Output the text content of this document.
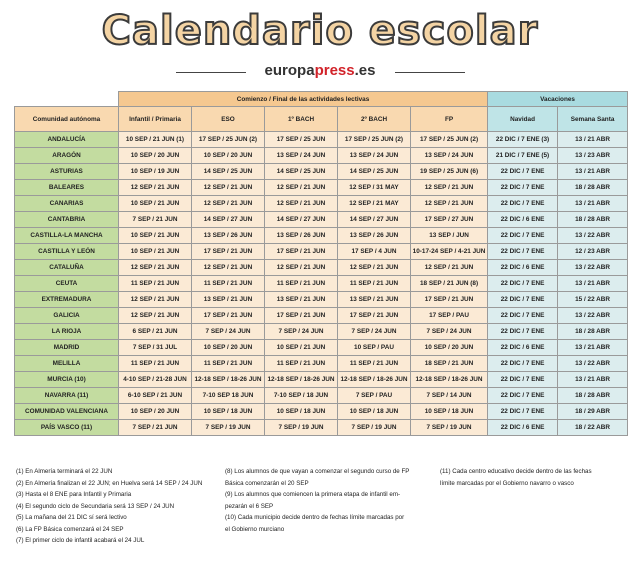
Calendario escolar
europapress.es
	Comienzo / Final de las actividades lectivas					Vacaciones	
Comunidad autónoma	Infantil / Primaria	ESO	1º BACH	2º BACH	FP	Navidad	Semana Santa
ANDALUCÍA	10 SEP / 21 JUN (1)	17 SEP / 25 JUN (2)	17 SEP / 25 JUN	17 SEP / 25 JUN (2)	17 SEP / 25 JUN (2)	22 DIC / 7 ENE (3)	13 / 21 ABR
ARAGÓN	10 SEP / 20 JUN	10 SEP / 20 JUN	13 SEP / 24 JUN	13 SEP / 24 JUN	13 SEP / 24 JUN	21 DIC / 7 ENE (5)	13 / 23 ABR
ASTURIAS	10 SEP / 19 JUN	14 SEP / 25 JUN	14 SEP / 25 JUN	14 SEP / 25 JUN	19 SEP / 25 JUN (6)	22 DIC / 7 ENE	13 / 21 ABR
BALEARES	12 SEP / 21 JUN	12 SEP / 21 JUN	12 SEP / 21 JUN	12 SEP / 31 MAY	12 SEP / 21 JUN	22 DIC / 7 ENE	18 / 28 ABR
CANARIAS	10 SEP / 21 JUN	12 SEP / 21 JUN	12 SEP / 21 JUN	12 SEP / 21 MAY	12 SEP / 21 JUN	22 DIC / 7 ENE	13 / 21 ABR
CANTABRIA	7 SEP / 21 JUN	14 SEP / 27 JUN	14 SEP / 27 JUN	14 SEP / 27 JUN	17 SEP / 27 JUN	22 DIC / 6 ENE	18 / 28 ABR
CASTILLA-LA MANCHA	10 SEP / 21 JUN	13 SEP / 26 JUN	13 SEP / 26 JUN	13 SEP / 26 JUN	13 SEP / JUN	22 DIC / 7 ENE	13 / 22 ABR
CASTILLA Y LEÓN	10 SEP / 21 JUN	17 SEP / 21 JUN	17 SEP / 21 JUN	17 SEP / 4 JUN	10-17-24 SEP / 4-21 JUN	22 DIC / 7 ENE	12 / 23 ABR
CATALUÑA	12 SEP / 21 JUN	12 SEP / 21 JUN	12 SEP / 21 JUN	12 SEP / 21 JUN	12 SEP / 21 JUN	22 DIC / 6 ENE	13 / 22 ABR
CEUTA	11 SEP / 21 JUN	11 SEP / 21 JUN	11 SEP / 21 JUN	11 SEP / 21 JUN	18 SEP / 21 JUN (8)	22 DIC / 7 ENE	13 / 21 ABR
EXTREMADURA	12 SEP / 21 JUN	13 SEP / 21 JUN	13 SEP / 21 JUN	13 SEP / 21 JUN	17 SEP / 21 JUN	22 DIC / 7 ENE	15 / 22 ABR
GALICIA	12 SEP / 21 JUN	17 SEP / 21 JUN	17 SEP / 21 JUN	17 SEP / 21 JUN	17 SEP / PAU	22 DIC / 7 ENE	13 / 22 ABR
LA RIOJA	6 SEP / 21 JUN	7 SEP / 24 JUN	7 SEP / 24 JUN	7 SEP / 24 JUN	7 SEP / 24 JUN	22 DIC / 7 ENE	18 / 28 ABR
MADRID	7 SEP / 31 JUL	10 SEP / 20 JUN	10 SEP / 21 JUN	10 SEP / PAU	10 SEP / 20 JUN	22 DIC / 6 ENE	13 / 21 ABR
MELILLA	11 SEP / 21 JUN	11 SEP / 21 JUN	11 SEP / 21 JUN	11 SEP / 21 JUN	18 SEP / 21 JUN	22 DIC / 7 ENE	13 / 22 ABR
MURCIA (10)	4-10 SEP / 21-28 JUN	12-18 SEP / 18-26 JUN	12-18 SEP / 18-26 JUN	12-18 SEP / 18-26 JUN	12-18 SEP / 18-26 JUN	22 DIC / 7 ENE	13 / 21 ABR
NAVARRA (11)	6-10 SEP / 21 JUN	7-10 SEP 18 JUN	7-10 SEP / 18 JUN	7 SEP / PAU	7 SEP / 14 JUN	22 DIC / 7 ENE	18 / 28 ABR
COMUNIDAD VALENCIANA	10 SEP / 20 JUN	10 SEP / 18 JUN	10 SEP / 18 JUN	10 SEP / 18 JUN	10 SEP / 18 JUN	22 DIC / 7 ENE	18 / 29 ABR
PAÍS VASCO (11)	7 SEP / 21 JUN	7 SEP / 19 JUN	7 SEP / 19 JUN	7 SEP / 19 JUN	7 SEP / 19 JUN	22 DIC / 6 ENE	18 / 22 ABR
(1) En Almería terminará el 22 JUN
(2) En Almería finalizan el 22 JUN; en Huelva será 14 SEP / 24 JUN
(3) Hasta el 8 ENE para Infantil y Primaria
(4) El segundo ciclo de Secundaria será 13 SEP / 24 JUN
(5) La mañana del 21 DIC sí será lectivo
(6) La FP Básica comenzará el 24 SEP
(7) El primer ciclo de infantil acabará el 24 JUL
(8) Los alumnos de que vayan a comenzar el segundo curso de FP
Básica comenzarán el 20 SEP
(9) Los alumnos que comiencen la primera etapa de infantil em-
pezarán el 6 SEP
(10) Cada municipio decide dentro de fechas límite marcadas por
el Gobierno murciano
(11) Cada centro educativo decide dentro de las fechas
límite marcadas por el Gobierno navarro o vasco
